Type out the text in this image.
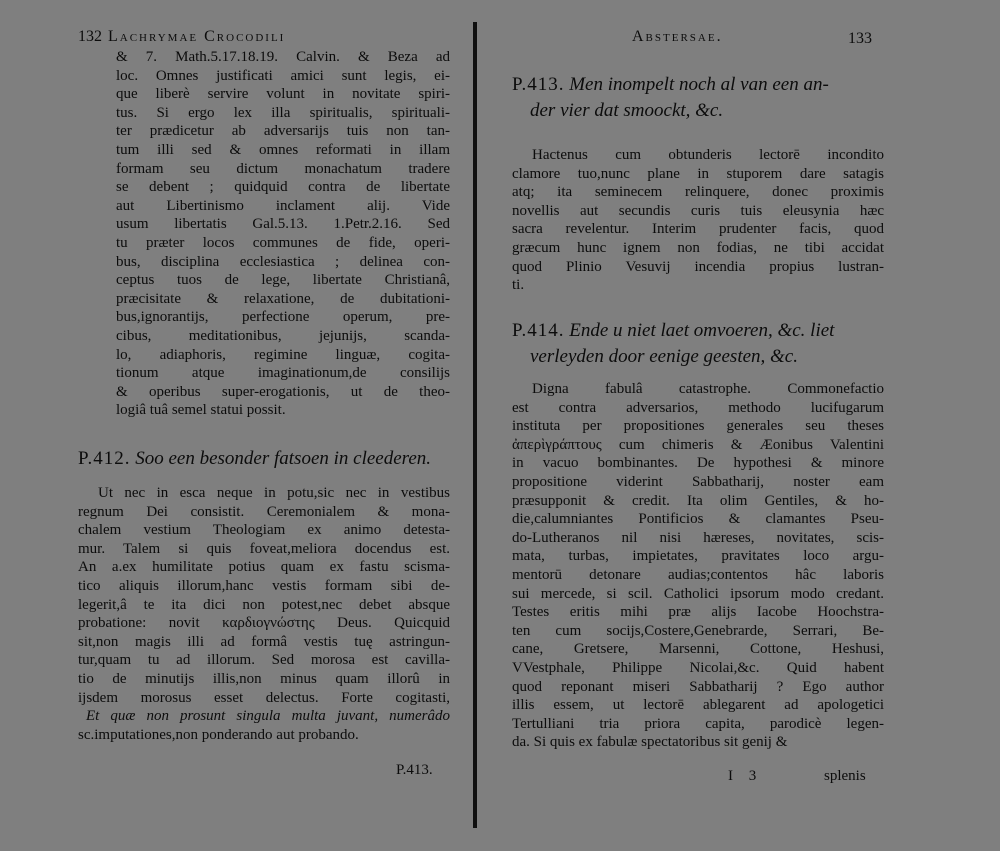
132 Lachrymae Crocodili
& 7. Math.5.17.18.19. Calvin. & Beza ad
loc. Omnes justificati amici sunt legis, ei-
que liberè servire volunt in novitate spiri-
tus. Si ergo lex illa spiritualis, spirituali-
ter prædicetur ab adversarijs tuis non tan-
tum illi sed & omnes reformati in illam
formam seu dictum monachatum tradere
se debent ; quidquid contra de libertate
aut Libertinismo inclament alij. Vide
usum libertatis Gal.5.13. 1.Petr.2.16. Sed
tu præter locos communes de fide, operi-
bus, disciplina ecclesiastica ; delinea con-
ceptus tuos de lege, libertate Christianâ,
præcisitate & relaxatione, de dubitationi-
bus,ignorantijs, perfectione operum, pre-
cibus, meditationibus, jejunijs, scanda-
lo, adiaphoris, regimine linguæ, cogita-
tionum atque imaginationum,de consilijs
& operibus super-erogationis, ut de theo-
logiâ tuâ semel statui possit.
P.412. Soo een besonder fatsoen in cleederen.
Ut nec in esca neque in potu,sic nec in vestibus
regnum Dei consistit. Ceremonialem & mona-
chalem vestium Theologiam ex animo detesta-
mur. Talem si quis foveat,meliora docendus est.
An a.ex humilitate potius quam ex fastu scisma-
tico aliquis illorum,hanc vestis formam sibi de-
legerit,â te ita dici non potest,nec debet absque
probatione: novit καρδιογνώστης Deus. Quicquid
sit,non magis illi ad formâ vestis tuę astringun-
tur,quam tu ad illorum. Sed morosa est cavilla-
tio de minutijs illis,non minus quam illorû in
ijsdem morosus esset delectus. Forte cogitasti,
Et quæ non prosunt singula multa juvant, numerâdo
sc.imputationes,non ponderando aut probando.
P.413.
Abstersae.	133
P.413. Men inompelt noch al van een an-
der vier dat smoockt, &c.
Hactenus cum obtunderis lectorē incondito
clamore tuo,nunc plane in stuporem dare satagis
atq; ita seminecem relinquere, donec proximis
novellis aut secundis curis tuis eleusynia hæc
sacra revelentur. Interim prudenter facis, quod
græcum hunc ignem non fodias, ne tibi accidat
quod Plinio Vesuvij incendia propius lustran-
ti.
P.414. Ende u niet laet omvoeren, &c. liet
verleyden door eenige geesten, &c.
Digna fabulâ catastrophe. Commonefactio
est contra adversarios, methodo lucifugarum
instituta per propositiones generales seu theses
ἀπερὶγράπτους cum chimeris & Æonibus Valentini
in vacuo bombinantes. De hypothesi & minore
propositione viderint Sabbatharij, noster eam
præsupponit & credit. Ita olim Gentiles, & ho-
die,calumniantes Pontificios & clamantes Pseu-
do-Lutheranos nil nisi hæreses, novitates, scis-
mata, turbas, impietates, pravitates loco argu-
mentorū detonare audias;contentos hâc laboris
sui mercede, si scil. Catholici ipsorum modo credant.
Testes eritis mihi præ alijs Iacobe Hoochstra-
ten cum socijs,Costere,Genebrarde, Serrari, Be-
cane, Gretsere, Marsenni, Cottone, Heshusi,
VVestphale, Philippe Nicolai,&c. Quid habent
quod reponant miseri Sabbatharij ? Ego author
illis essem, ut lectorē ablegarent ad apologetici
Tertulliani tria priora capita, parodicè legen-
da. Si quis ex fabulæ spectatoribus sit genij &
I 3	splenis
